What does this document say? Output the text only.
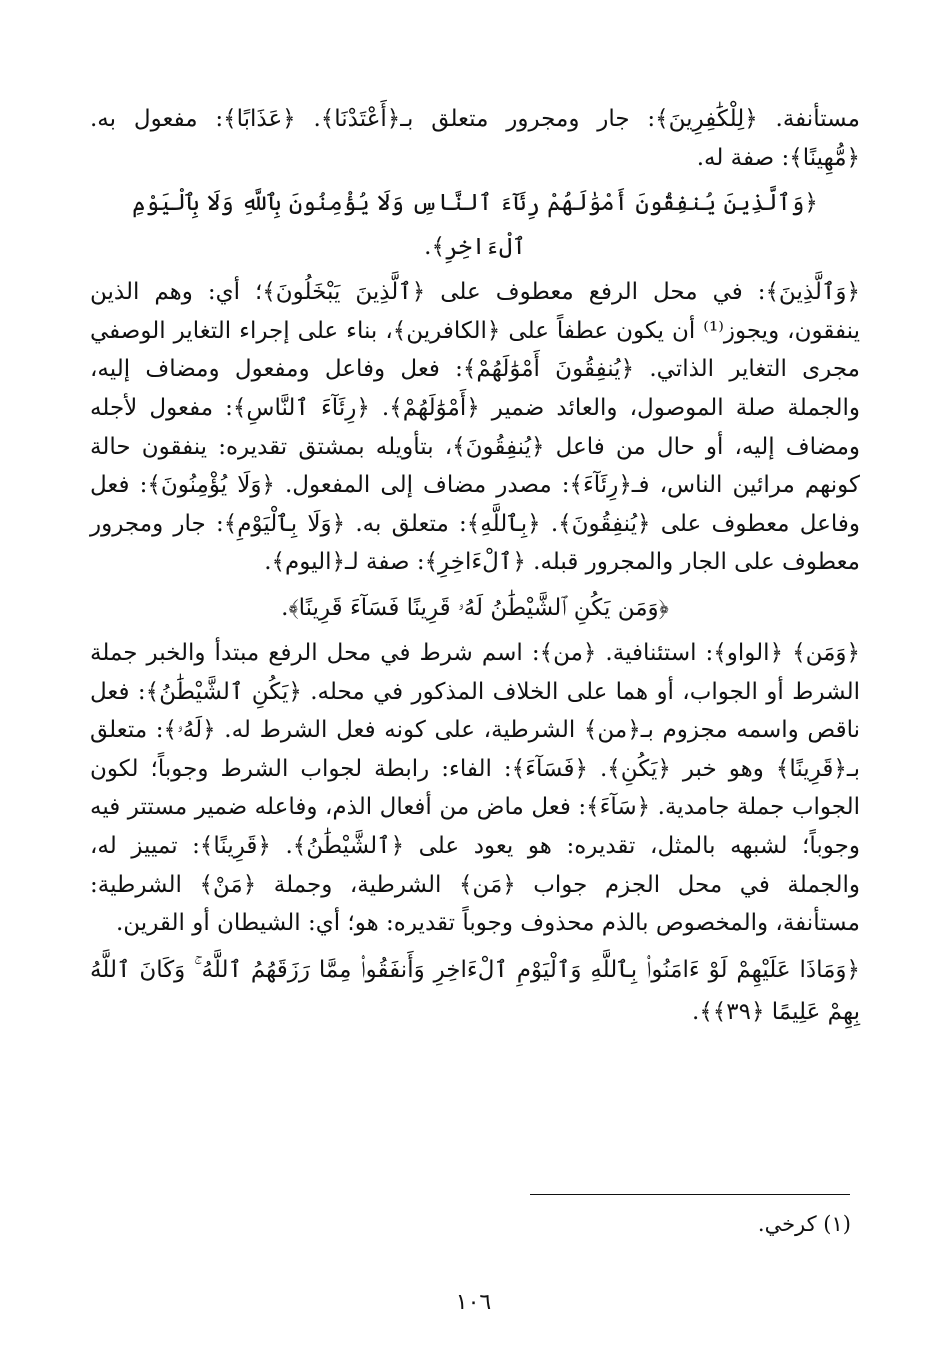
مستأنفة. ﴿لِلْكَٰفِرِينَ﴾: جار ومجرور متعلق بـ﴿أَعْتَدْنَا﴾. ﴿عَذَابًا﴾: مفعول به. ﴿مُّهِينًا﴾: صفة له.

﴿وَٱلَّذِينَ يُنفِقُونَ أَمْوَٰلَهُمْ رِئَآءَ ٱلنَّاسِ وَلَا يُؤْمِنُونَ بِٱللَّهِ وَلَا بِٱلْيَوْمِ ٱلْءَاخِرِ﴾.

﴿وَٱلَّذِينَ﴾: في محل الرفع معطوف على ﴿ٱلَّذِينَ يَبْخَلُونَ﴾؛ أي: وهم الذين ينفقون، ويجوز⁽¹⁾ أن يكون عطفاً على ﴿الكافرين﴾، بناء على إجراء التغاير الوصفي مجرى التغاير الذاتي. ﴿يُنفِقُونَ أَمْوَٰلَهُمْ﴾: فعل وفاعل ومفعول ومضاف إليه، والجملة صلة الموصول، والعائد ضمير ﴿أَمْوَٰلَهُمْ﴾. ﴿رِئَآءَ ٱلنَّاسِ﴾: مفعول لأجله ومضاف إليه، أو حال من فاعل ﴿يُنفِقُونَ﴾، بتأويله بمشتق تقديره: ينفقون حالة كونهم مرائين الناس، فـ﴿رِئَآءَ﴾: مصدر مضاف إلى المفعول. ﴿وَلَا يُؤْمِنُونَ﴾: فعل وفاعل معطوف على ﴿يُنفِقُونَ﴾. ﴿بِٱللَّهِ﴾: متعلق به. ﴿وَلَا بِٱلْيَوْمِ﴾: جار ومجرور معطوف على الجار والمجرور قبله. ﴿ٱلْءَاخِرِ﴾: صفة لـ﴿اليوم﴾.

﴿وَمَن يَكُنِ ٱلشَّيْطَٰنُ لَهُۥ قَرِينًا فَسَآءَ قَرِينًا﴾.

﴿وَمَن﴾ ﴿الواو﴾: استئنافية. ﴿من﴾: اسم شرط في محل الرفع مبتدأ والخبر جملة الشرط أو الجواب، أو هما على الخلاف المذكور في محله. ﴿يَكُنِ ٱلشَّيْطَٰنُ﴾: فعل ناقص واسمه مجزوم بـ﴿من﴾ الشرطية، على كونه فعل الشرط له. ﴿لَهُۥ﴾: متعلق بـ﴿قَرِينًا﴾ وهو خبر ﴿يَكُنِ﴾. ﴿فَسَآءَ﴾: الفاء: رابطة لجواب الشرط وجوباً؛ لكون الجواب جملة جامدية. ﴿سَآءَ﴾: فعل ماض من أفعال الذم، وفاعله ضمير مستتر فيه وجوباً؛ لشبهه بالمثل، تقديره: هو يعود على ﴿ٱلشَّيْطَٰنُ﴾. ﴿قَرِينًا﴾: تمييز له، والجملة في محل الجزم جواب ﴿مَن﴾ الشرطية، وجملة ﴿مَنْ﴾ الشرطية: مستأنفة، والمخصوص بالذم محذوف وجوباً تقديره: هو؛ أي: الشيطان أو القرين.

﴿وَمَاذَا عَلَيْهِمْ لَوْ ءَامَنُوا۟ بِٱللَّهِ وَٱلْيَوْمِ ٱلْءَاخِرِ وَأَنفَقُوا۟ مِمَّا رَزَقَهُمُ ٱللَّهُ ۚ وَكَانَ ٱللَّهُ بِهِمْ عَلِيمًا ﴿٣٩﴾﴾.

(١) كرخي.
١٠٦
